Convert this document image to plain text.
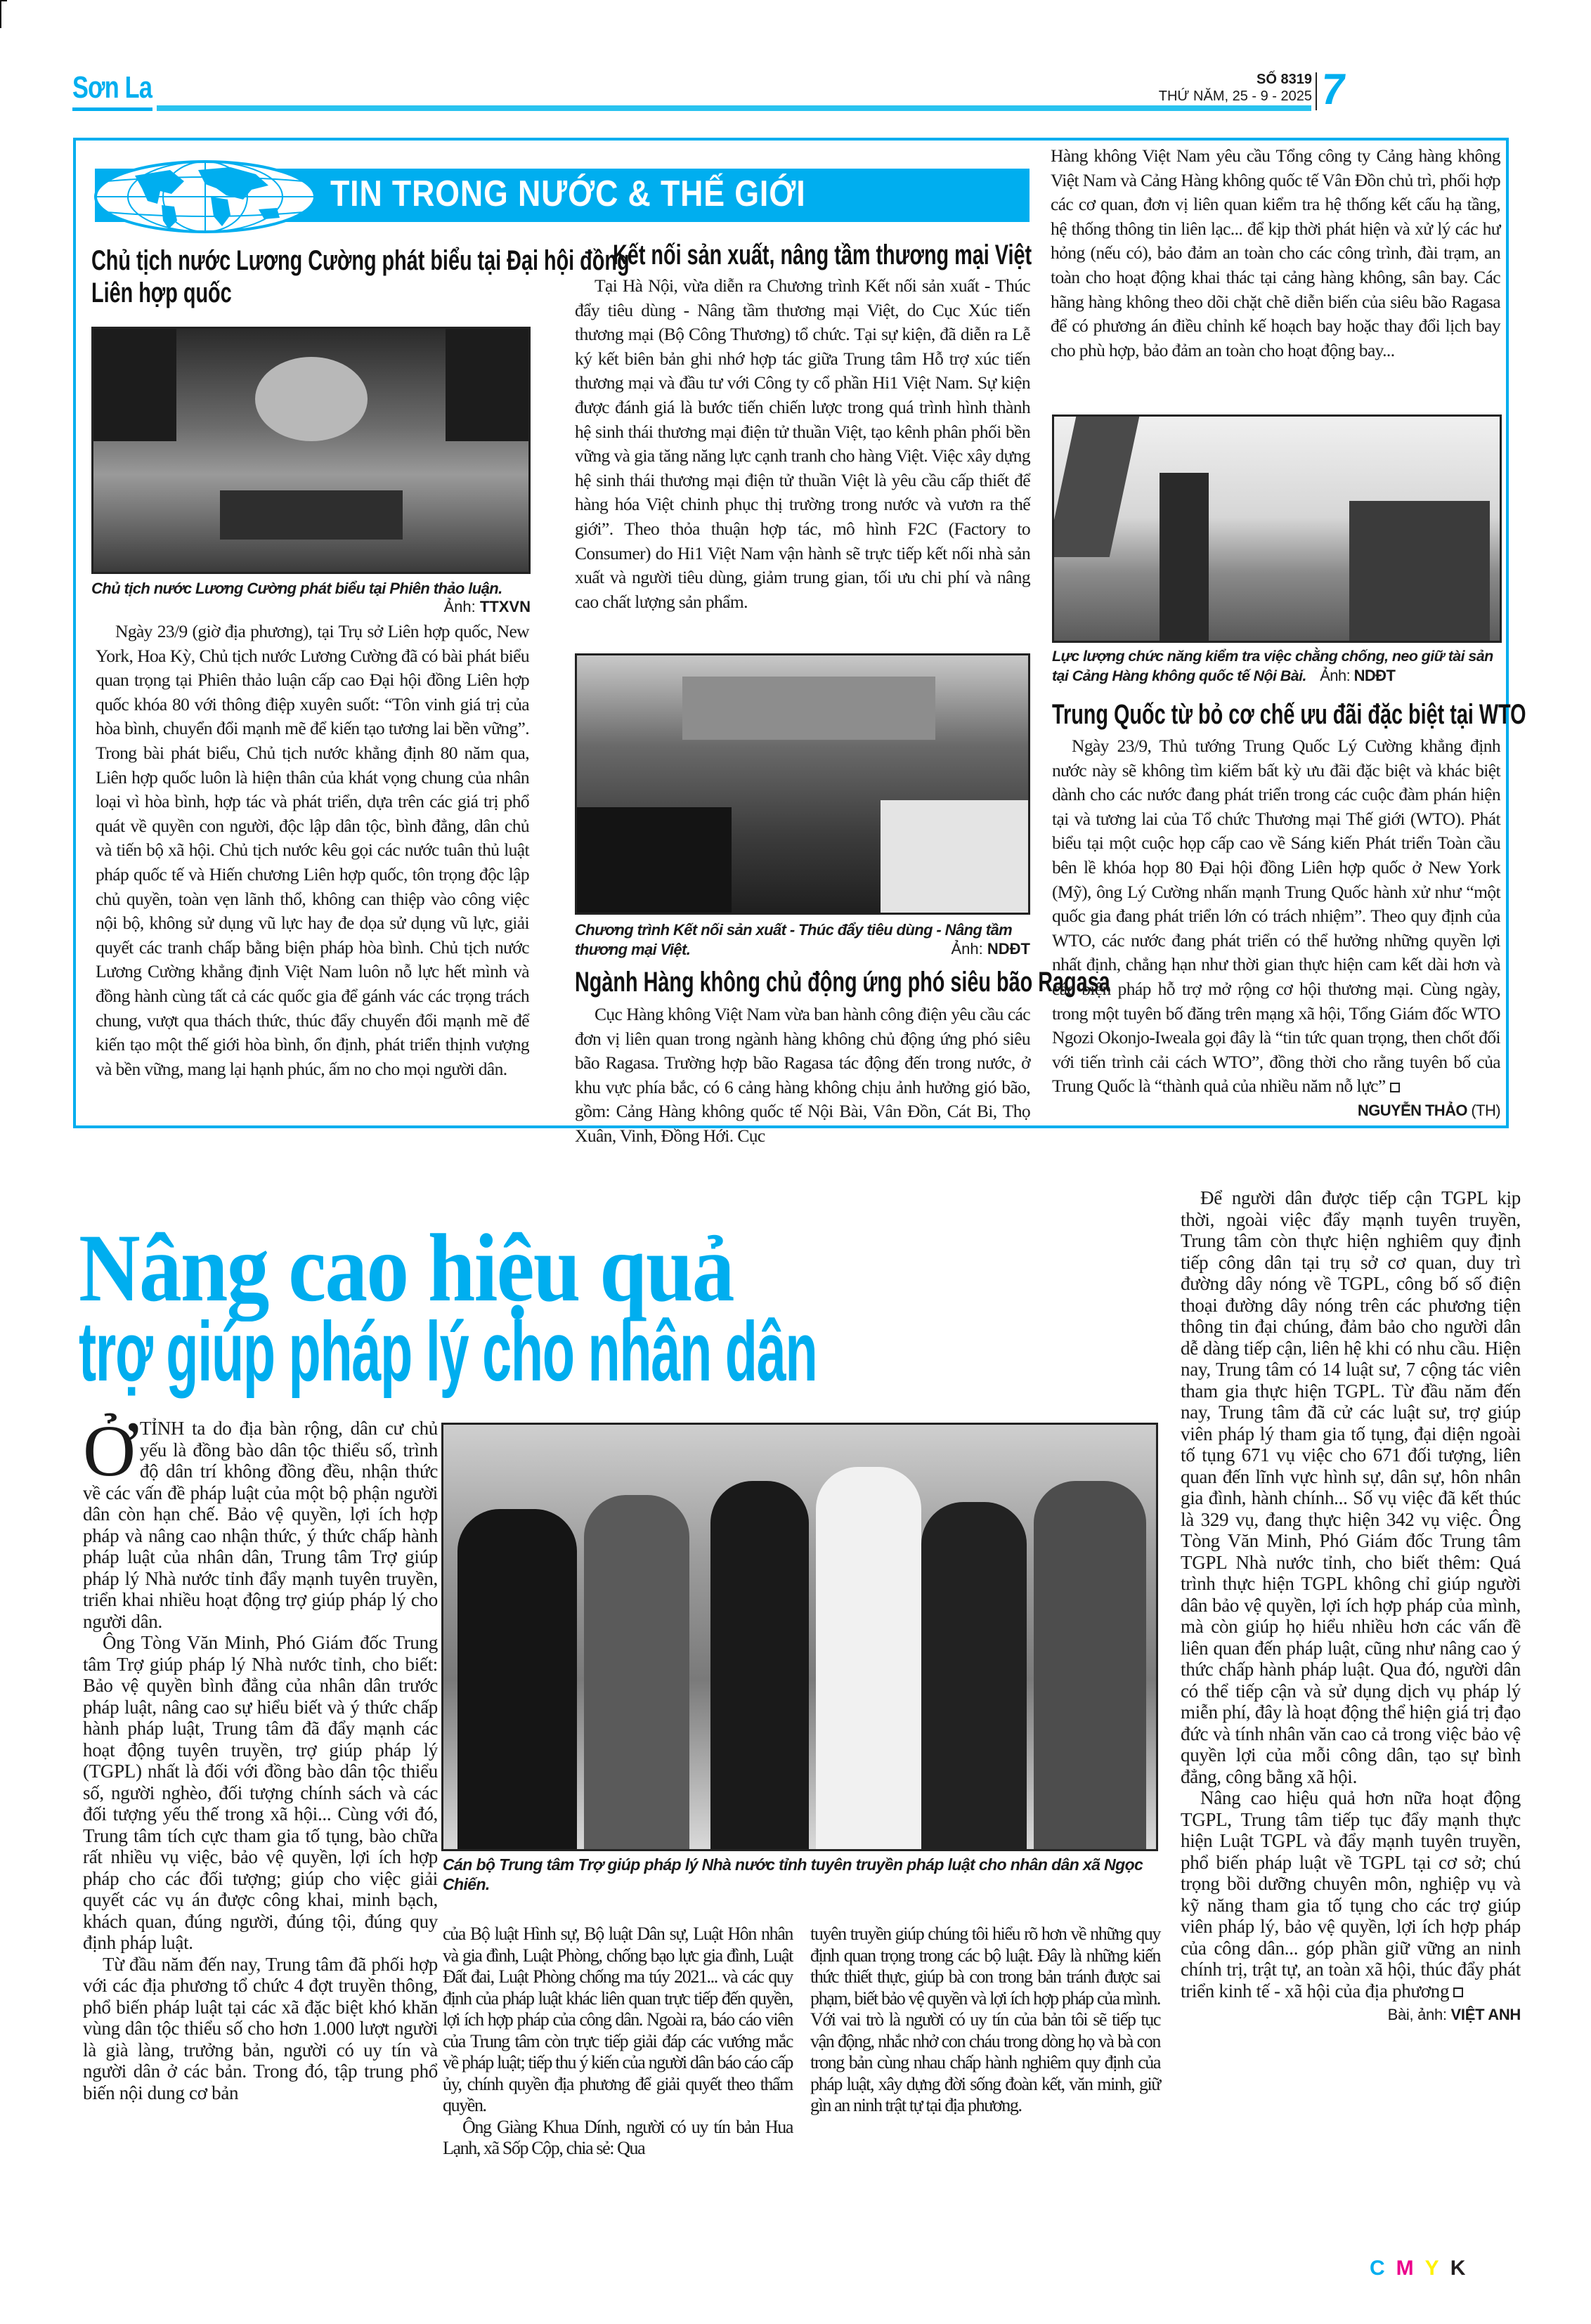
Sơn La	SỐ 8319
THỨ NĂM, 25 - 9 - 2025 7
TIN TRONG NƯỚC & THẾ GIỚI
Chủ tịch nước Lương Cường phát biểu tại Đại hội đồng
Liên hợp quốc
Chủ tịch nước Lương Cường phát biểu tại Phiên thảo luận.
Ảnh: TTXVN

Ngày 23/9 (giờ địa phương), tại Trụ sở Liên hợp quốc, New York, Hoa Kỳ, Chủ tịch nước Lương Cường đã có bài phát biểu quan trọng tại Phiên thảo luận cấp cao Đại hội đồng Liên hợp quốc khóa 80 với thông điệp xuyên suốt: “Tôn vinh giá trị của hòa bình, chuyển đổi mạnh mẽ để kiến tạo tương lai bền vững”. Trong bài phát biểu, Chủ tịch nước khẳng định 80 năm qua, Liên hợp quốc luôn là hiện thân của khát vọng chung của nhân loại vì hòa bình, hợp tác và phát triển, dựa trên các giá trị phổ quát về quyền con người, độc lập dân tộc, bình đẳng, dân chủ và tiến bộ xã hội. Chủ tịch nước kêu gọi các nước tuân thủ luật pháp quốc tế và Hiến chương Liên hợp quốc, tôn trọng độc lập chủ quyền, toàn vẹn lãnh thổ, không can thiệp vào công việc nội bộ, không sử dụng vũ lực hay đe dọa sử dụng vũ lực, giải quyết các tranh chấp bằng biện pháp hòa bình. Chủ tịch nước Lương Cường khẳng định Việt Nam luôn nỗ lực hết mình và đồng hành cùng tất cả các quốc gia để gánh vác các trọng trách chung, vượt qua thách thức, thúc đẩy chuyển đổi mạnh mẽ để kiến tạo một thế giới hòa bình, ổn định, phát triển thịnh vượng và bền vững, mang lại hạnh phúc, ấm no cho mọi người dân.

Kết nối sản xuất, nâng tầm thương mại Việt

Tại Hà Nội, vừa diễn ra Chương trình Kết nối sản xuất - Thúc đẩy tiêu dùng - Nâng tầm thương mại Việt, do Cục Xúc tiến thương mại (Bộ Công Thương) tổ chức. Tại sự kiện, đã diễn ra Lễ ký kết biên bản ghi nhớ hợp tác giữa Trung tâm Hỗ trợ xúc tiến thương mại và đầu tư với Công ty cổ phần Hi1 Việt Nam. Sự kiện được đánh giá là bước tiến chiến lược trong quá trình hình thành hệ sinh thái thương mại điện tử thuần Việt, tạo kênh phân phối bền vững và gia tăng năng lực cạnh tranh cho hàng Việt. Việc xây dựng hệ sinh thái thương mại điện tử thuần Việt là yêu cầu cấp thiết để hàng hóa Việt chinh phục thị trường trong nước và vươn ra thế giới”. Theo thỏa thuận hợp tác, mô hình F2C (Factory to Consumer) do Hi1 Việt Nam vận hành sẽ trực tiếp kết nối nhà sản xuất và người tiêu dùng, giảm trung gian, tối ưu chi phí và nâng cao chất lượng sản phẩm.

Chương trình Kết nối sản xuất - Thúc đẩy tiêu dùng - Nâng tầm thương mại Việt.	Ảnh: NDĐT
Ngành Hàng không chủ động ứng phó siêu bão Ragasa

Cục Hàng không Việt Nam vừa ban hành công điện yêu cầu các đơn vị liên quan trong ngành hàng không chủ động ứng phó siêu bão Ragasa. Trường hợp bão Ragasa tác động đến trong nước, ở khu vực phía bắc, có 6 cảng hàng không chịu ảnh hưởng gió bão, gồm: Cảng Hàng không quốc tế Nội Bài, Vân Đồn, Cát Bi, Thọ Xuân, Vinh, Đồng Hới. Cục

Hàng không Việt Nam yêu cầu Tổng công ty Cảng hàng không Việt Nam và Cảng Hàng không quốc tế Vân Đồn chủ trì, phối hợp các cơ quan, đơn vị liên quan kiểm tra hệ thống kết cấu hạ tầng, hệ thống thông tin liên lạc... để kịp thời phát hiện và xử lý các hư hỏng (nếu có), bảo đảm an toàn cho các công trình, đài trạm, an toàn cho hoạt động khai thác tại cảng hàng không, sân bay. Các hãng hàng không theo dõi chặt chẽ diễn biến của siêu bão Ragasa để có phương án điều chỉnh kế hoạch bay hoặc thay đổi lịch bay cho phù hợp, bảo đảm an toàn cho hoạt động bay...

Lực lượng chức năng kiểm tra việc chằng chống, neo giữ tài sản tại Cảng Hàng không quốc tế Nội Bài. Ảnh: NDĐT
Trung Quốc từ bỏ cơ chế ưu đãi đặc biệt tại WTO

Ngày 23/9, Thủ tướng Trung Quốc Lý Cường khẳng định nước này sẽ không tìm kiếm bất kỳ ưu đãi đặc biệt và khác biệt dành cho các nước đang phát triển trong các cuộc đàm phán hiện tại và tương lai của Tổ chức Thương mại Thế giới (WTO). Phát biểu tại một cuộc họp cấp cao về Sáng kiến Phát triển Toàn cầu bên lề khóa họp 80 Đại hội đồng Liên hợp quốc ở New York (Mỹ), ông Lý Cường nhấn mạnh Trung Quốc hành xử như “một quốc gia đang phát triển lớn có trách nhiệm”. Theo quy định của WTO, các nước đang phát triển có thể hưởng những quyền lợi nhất định, chẳng hạn như thời gian thực hiện cam kết dài hơn và các biện pháp hỗ trợ mở rộng cơ hội thương mại. Cùng ngày, trong một tuyên bố đăng trên mạng xã hội, Tổng Giám đốc WTO Ngozi Okonjo-Iweala gọi đây là “tin tức quan trọng, then chốt đối với tiến trình cải cách WTO”, đồng thời cho rằng tuyên bố của Trung Quốc là “thành quả của nhiều năm nỗ lực”
NGUYỄN THẢO (TH)

Nâng cao hiệu quả
trợ giúp pháp lý cho nhân dân

ỞTỈNH ta do địa bàn rộng, dân cư chủ yếu là đồng bào dân tộc thiểu số, trình độ dân trí không đồng đều, nhận thức về các vấn đề pháp luật của một bộ phận người dân còn hạn chế. Bảo vệ quyền, lợi ích hợp pháp và nâng cao nhận thức, ý thức chấp hành pháp luật của nhân dân, Trung tâm Trợ giúp pháp lý Nhà nước tỉnh đẩy mạnh tuyên truyền, triển khai nhiều hoạt động trợ giúp pháp lý cho người dân.

Ông Tòng Văn Minh, Phó Giám đốc Trung tâm Trợ giúp pháp lý Nhà nước tỉnh, cho biết: Bảo vệ quyền bình đẳng của nhân dân trước pháp luật, nâng cao sự hiểu biết và ý thức chấp hành pháp luật, Trung tâm đã đẩy mạnh các hoạt động tuyên truyền, trợ giúp pháp lý (TGPL) nhất là đối với đồng bào dân tộc thiểu số, người nghèo, đối tượng chính sách và các đối tượng yếu thế trong xã hội... Cùng với đó, Trung tâm tích cực tham gia tố tụng, bào chữa rất nhiều vụ việc, bảo vệ quyền, lợi ích hợp pháp cho các đối tượng; giúp cho việc giải quyết các vụ án được công khai, minh bạch, khách quan, đúng người, đúng tội, đúng quy định pháp luật.

Từ đầu năm đến nay, Trung tâm đã phối hợp với các địa phương tổ chức 4 đợt truyền thông, phổ biến pháp luật tại các xã đặc biệt khó khăn vùng dân tộc thiểu số cho hơn 1.000 lượt người là già làng, trưởng bản, người có uy tín và người dân ở các bản. Trong đó, tập trung phổ biến nội dung cơ bản

Cán bộ Trung tâm Trợ giúp pháp lý Nhà nước tỉnh tuyên truyền pháp luật cho nhân dân xã Ngọc Chiến.

của Bộ luật Hình sự, Bộ luật Dân sự, Luật Hôn nhân và gia đình, Luật Phòng, chống bạo lực gia đình, Luật Đất đai, Luật Phòng chống ma túy 2021... và các quy định của pháp luật khác liên quan trực tiếp đến quyền, lợi ích hợp pháp của công dân. Ngoài ra, báo cáo viên của Trung tâm còn trực tiếp giải đáp các vướng mắc về pháp luật; tiếp thu ý kiến của người dân báo cáo cấp ủy, chính quyền địa phương để giải quyết theo thẩm quyền.

Ông Giàng Khua Dính, người có uy tín bản Hua Lạnh, xã Sốp Cộp, chia sẻ: Qua

tuyên truyền giúp chúng tôi hiểu rõ hơn về những quy định quan trọng trong các bộ luật. Đây là những kiến thức thiết thực, giúp bà con trong bản tránh được sai phạm, biết bảo vệ quyền và lợi ích hợp pháp của mình. Với vai trò là người có uy tín của bản tôi sẽ tiếp tục vận động, nhắc nhở con cháu trong dòng họ và bà con trong bản cùng nhau chấp hành nghiêm quy định của pháp luật, xây dựng đời sống đoàn kết, văn minh, giữ gìn an ninh trật tự tại địa phương.

Để người dân được tiếp cận TGPL kịp thời, ngoài việc đẩy mạnh tuyên truyền, Trung tâm còn thực hiện nghiêm quy định tiếp công dân tại trụ sở cơ quan, duy trì đường dây nóng về TGPL, công bố số điện thoại đường dây nóng trên các phương tiện thông tin đại chúng, đảm bảo cho người dân dễ dàng tiếp cận, liên hệ khi có nhu cầu. Hiện nay, Trung tâm có 14 luật sư, 7 cộng tác viên tham gia thực hiện TGPL. Từ đầu năm đến nay, Trung tâm đã cử các luật sư, trợ giúp viên pháp lý tham gia tố tụng, đại diện ngoài tố tụng 671 vụ việc cho 671 đối tượng, liên quan đến lĩnh vực hình sự, dân sự, hôn nhân gia đình, hành chính... Số vụ việc đã kết thúc là 329 vụ, đang thực hiện 342 vụ việc. Ông Tòng Văn Minh, Phó Giám đốc Trung tâm TGPL Nhà nước tỉnh, cho biết thêm: Quá trình thực hiện TGPL không chỉ giúp người dân bảo vệ quyền, lợi ích hợp pháp của mình, mà còn giúp họ hiểu nhiều hơn các vấn đề liên quan đến pháp luật, cũng như nâng cao ý thức chấp hành pháp luật. Qua đó, người dân có thể tiếp cận và sử dụng dịch vụ pháp lý miễn phí, đây là hoạt động thể hiện giá trị đạo đức và tính nhân văn cao cả trong việc bảo vệ quyền lợi của mỗi công dân, tạo sự bình đẳng, công bằng xã hội.

Nâng cao hiệu quả hơn nữa hoạt động TGPL, Trung tâm tiếp tục đẩy mạnh thực hiện Luật TGPL và đẩy mạnh tuyên truyền, phổ biến pháp luật về TGPL tại cơ sở; chú trọng bồi dưỡng chuyên môn, nghiệp vụ và kỹ năng tham gia tố tụng cho các trợ giúp viên pháp lý, bảo vệ quyền, lợi ích hợp pháp của công dân... góp phần giữ vững an ninh chính trị, trật tự, an toàn xã hội, thúc đẩy phát triển kinh tế - xã hội của địa phương

Bài, ảnh: VIỆT ANH
CMYK
